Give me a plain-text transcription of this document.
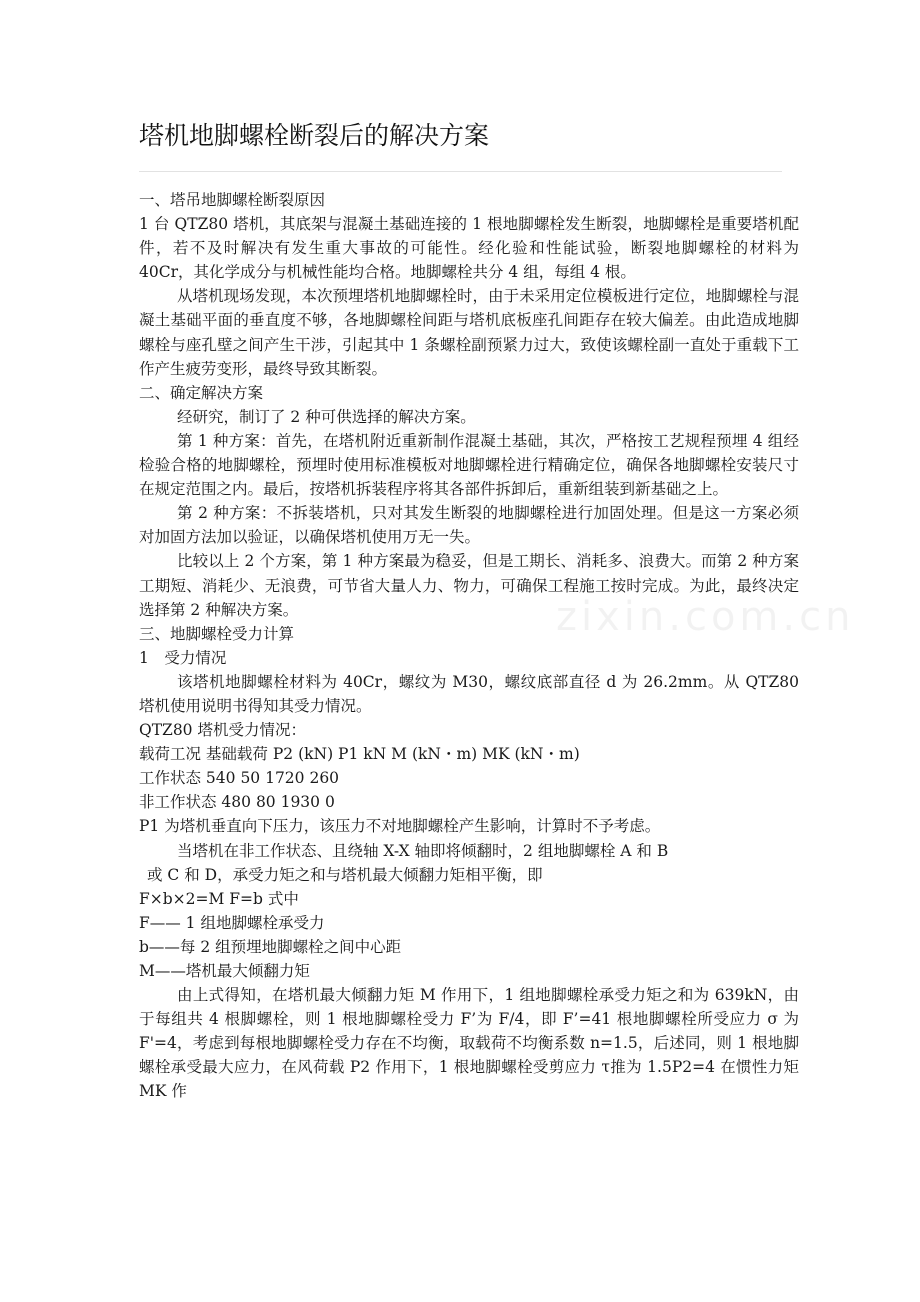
塔机地脚螺栓断裂后的解决方案
zixin.com.cn

一、塔吊地脚螺栓断裂原因

1 台 QTZ80 塔机，其底架与混凝土基础连接的 1 根地脚螺栓发生断裂，地脚螺栓是重要塔机配件，若不及时解决有发生重大事故的可能性。经化验和性能试验，断裂地脚螺栓的材料为 40Cr，其化学成分与机械性能均合格。地脚螺栓共分 4 组，每组 4 根。

从塔机现场发现，本次预埋塔机地脚螺栓时，由于未采用定位模板进行定位，地脚螺栓与混凝土基础平面的垂直度不够，各地脚螺栓间距与塔机底板座孔间距存在较大偏差。由此造成地脚螺栓与座孔壁之间产生干涉，引起其中 1 条螺栓副预紧力过大，致使该螺栓副一直处于重载下工作产生疲劳变形，最终导致其断裂。

二、确定解决方案

经研究，制订了 2 种可供选择的解决方案。

第 1 种方案：首先，在塔机附近重新制作混凝土基础，其次，严格按工艺规程预埋 4 组经检验合格的地脚螺栓，预埋时使用标准模板对地脚螺栓进行精确定位，确保各地脚螺栓安装尺寸在规定范围之内。最后，按塔机拆装程序将其各部件拆卸后，重新组装到新基础之上。

第 2 种方案：不拆装塔机，只对其发生断裂的地脚螺栓进行加固处理。但是这一方案必须对加固方法加以验证，以确保塔机使用万无一失。

比较以上 2 个方案，第 1 种方案最为稳妥，但是工期长、消耗多、浪费大。而第 2 种方案工期短、消耗少、无浪费，可节省大量人力、物力，可确保工程施工按时完成。为此，最终决定选择第 2 种解决方案。

三、地脚螺栓受力计算

1　受力情况

该塔机地脚螺栓材料为 40Cr，螺纹为 M30，螺纹底部直径 d 为 26.2mm。从 QTZ80 塔机使用说明书得知其受力情况。

QTZ80 塔机受力情况：

载荷工况 基础载荷 P2 (kN) P1 kN M (kN・m) MK (kN・m)

工作状态 540 50 1720 260

非工作状态 480 80 1930 0

P1 为塔机垂直向下压力，该压力不对地脚螺栓产生影响，计算时不予考虑。

当塔机在非工作状态、且绕轴 X-X 轴即将倾翻时，2 组地脚螺栓 A 和 B

或 C 和 D，承受力矩之和与塔机最大倾翻力矩相平衡，即

F×b×2=M F=b 式中

F—— 1 组地脚螺栓承受力

b——每 2 组预埋地脚螺栓之间中心距

M——塔机最大倾翻力矩

由上式得知，在塔机最大倾翻力矩 M 作用下，1 组地脚螺栓承受力矩之和为 639kN，由于每组共 4 根脚螺栓，则 1 根地脚螺栓受力 F’为 F/4，即 F’=41 根地脚螺栓所受应力 σ 为 F'=4，考虑到每根地脚螺栓受力存在不均衡，取载荷不均衡系数 n=1.5，后述同，则 1 根地脚螺栓承受最大应力，在风荷载 P2 作用下，1 根地脚螺栓受剪应力 τ推为 1.5P2=4 在惯性力矩 MK 作
